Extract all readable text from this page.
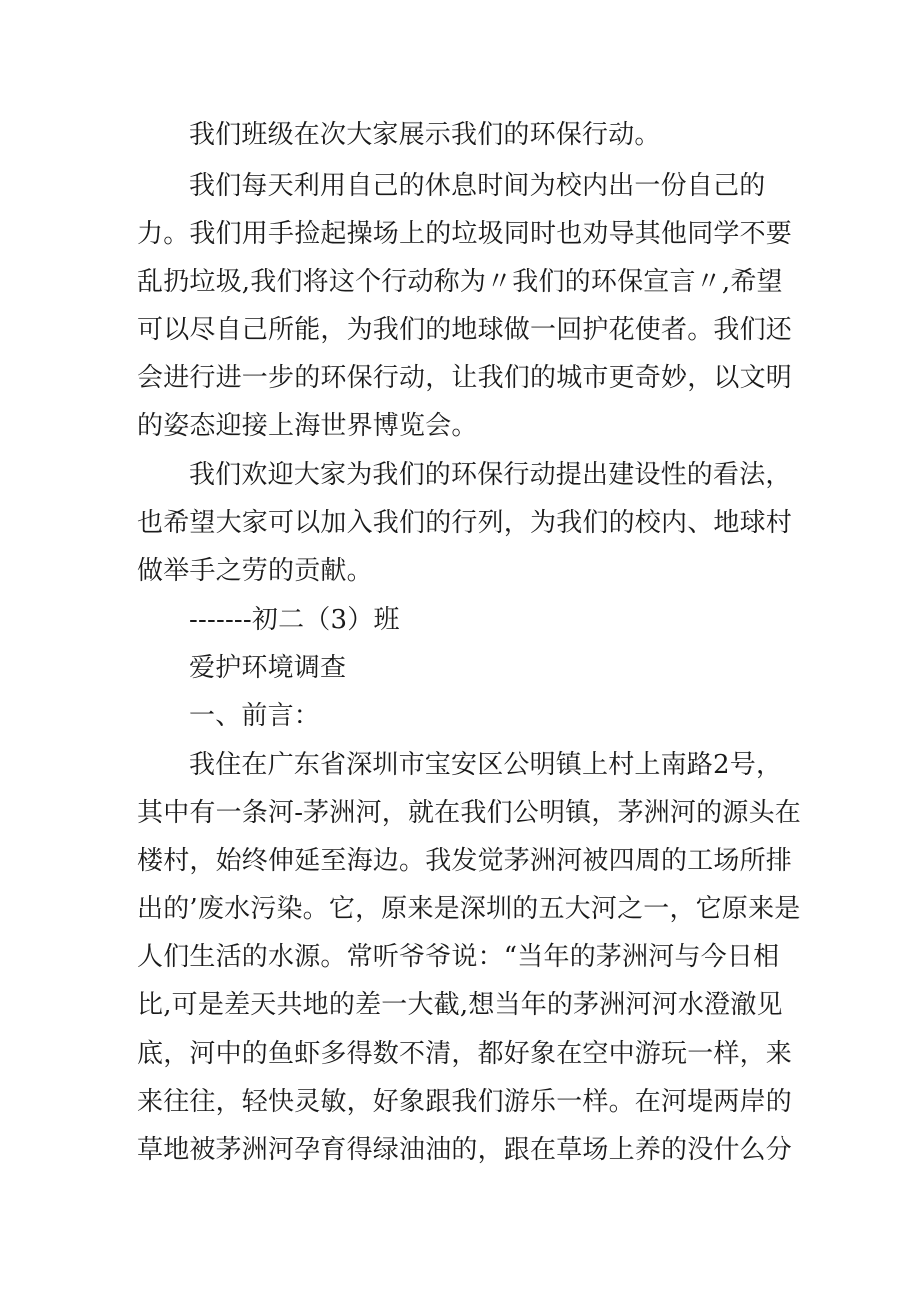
我们班级在次大家展示我们的环保行动。
我们每天利用自己的休息时间为校内出一份自己的
力。我们用手捡起操场上的垃圾同时也劝导其他同学不要
乱扔垃圾,我们将这个行动称为〃我们的环保宣言〃,希望
可以尽自己所能，为我们的地球做一回护花使者。我们还
会进行进一步的环保行动，让我们的城市更奇妙，以文明
的姿态迎接上海世界博览会。
我们欢迎大家为我们的环保行动提出建设性的看法，
也希望大家可以加入我们的行列，为我们的校内、地球村
做举手之劳的贡献。
-------初二（3）班
爱护环境调查
一、前言：
我住在广东省深圳市宝安区公明镇上村上南路2号，
其中有一条河-茅洲河，就在我们公明镇，茅洲河的源头在
楼村，始终伸延至海边。我发觉茅洲河被四周的工场所排
出的’废水污染。它，原来是深圳的五大河之一，它原来是
人们生活的水源。常听爷爷说：“当年的茅洲河与今日相
比,可是差天共地的差一大截,想当年的茅洲河河水澄澈见
底，河中的鱼虾多得数不清，都好象在空中游玩一样，来
来往往，轻快灵敏，好象跟我们游乐一样。在河堤两岸的
草地被茅洲河孕育得绿油油的，跟在草场上养的没什么分
